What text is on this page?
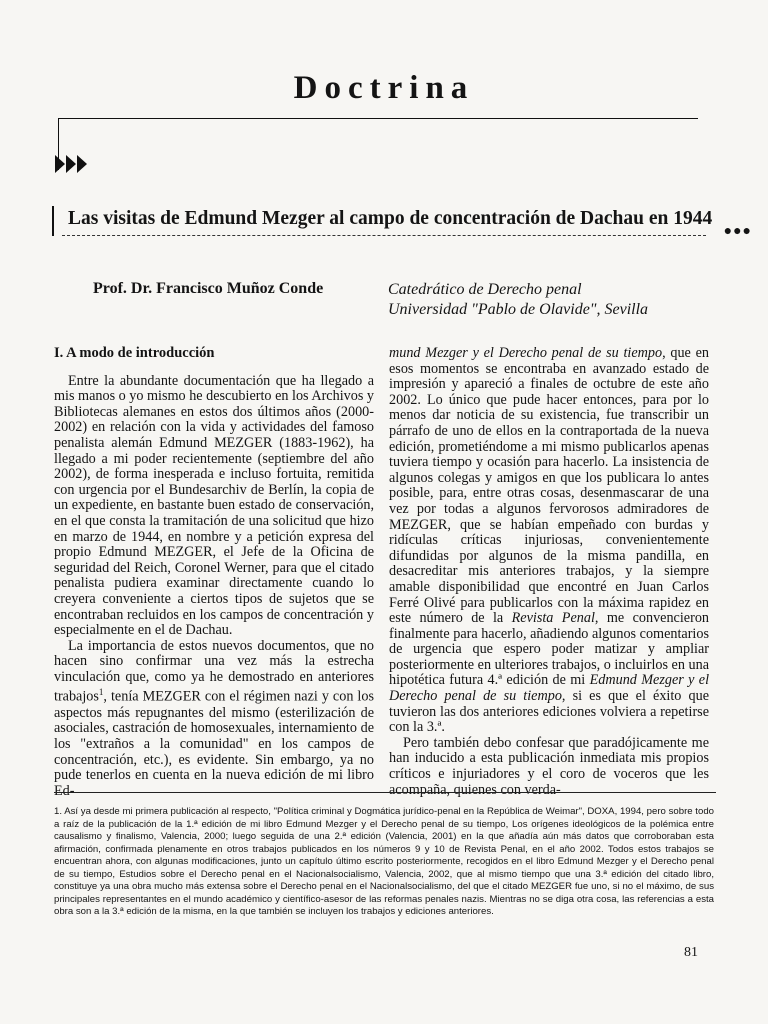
Doctrina
Las visitas de Edmund Mezger al campo de concentración de Dachau en 1944
●●●
Prof. Dr. Francisco Muñoz Conde	Catedrático de Derecho penal
Universidad "Pablo de Olavide", Sevilla
I. A modo de introducción

Entre la abundante documentación que ha llegado a mis manos o yo mismo he descubierto en los Archivos y Bibliotecas alemanes en estos dos últimos años (2000-2002) en relación con la vida y actividades del famoso penalista alemán Edmund MEZGER (1883-1962), ha llegado a mi poder recientemente (septiembre del año 2002), de forma inesperada e incluso fortuita, remitida con urgencia por el Bundesarchiv de Berlín, la copia de un expediente, en bastante buen estado de conservación, en el que consta la tramitación de una solicitud que hizo en marzo de 1944, en nombre y a petición expresa del propio Edmund MEZGER, el Jefe de la Oficina de seguridad del Reich, Coronel Werner, para que el citado penalista pudiera examinar directamente cuando lo creyera conveniente a ciertos tipos de sujetos que se encontraban recluidos en los campos de concentración y especialmente en el de Dachau.

La importancia de estos nuevos documentos, que no hacen sino confirmar una vez más la estrecha vinculación que, como ya he demostrado en anteriores trabajos$^1$, tenía MEZGER con el régimen nazi y con los aspectos más repugnantes del mismo (esterilización de asociales, castración de homosexuales, internamiento de los "extraños a la comunidad" en los campos de concentración, etc.), es evidente. Sin embargo, ya no pude tenerlos en cuenta en la nueva edición de mi libro Ed-

mund Mezger y el Derecho penal de su tiempo, que en esos momentos se encontraba en avanzado estado de impresión y apareció a finales de octubre de este año 2002. Lo único que pude hacer entonces, para por lo menos dar noticia de su existencia, fue transcribir un párrafo de uno de ellos en la contraportada de la nueva edición, prometiéndome a mi mismo publicarlos apenas tuviera tiempo y ocasión para hacerlo. La insistencia de algunos colegas y amigos en que los publicara lo antes posible, para, entre otras cosas, desenmascarar de una vez por todas a algunos fervorosos admiradores de MEZGER, que se habían empeñado con burdas y ridículas críticas injuriosas, convenientemente difundidas por algunos de la misma pandilla, en desacreditar mis anteriores trabajos, y la siempre amable disponibilidad que encontré en Juan Carlos Ferré Olivé para publicarlos con la máxima rapidez en este número de la Revista Penal, me convencieron finalmente para hacerlo, añadiendo algunos comentarios de urgencia que espero poder matizar y ampliar posteriormente en ulteriores trabajos, o incluirlos en una hipotética futura 4.ª edición de mi Edmund Mezger y el Derecho penal de su tiempo, si es que el éxito que tuvieron las dos anteriores ediciones volviera a repetirse con la 3.ª.

Pero también debo confesar que paradójicamente me han inducido a esta publicación inmediata mis propios críticos e injuriadores y el coro de voceros que les acompaña, quienes con verda-

1. Así ya desde mi primera publicación al respecto, "Política criminal y Dogmática jurídico-penal en la República de Weimar", DOXA, 1994, pero sobre todo a raíz de la publicación de la 1.ª edición de mi libro Edmund Mezger y el Derecho penal de su tiempo, Los orígenes ideológicos de la polémica entre causalismo y finalismo, Valencia, 2000; luego seguida de una 2.ª edición (Valencia, 2001) en la que añadía aún más datos que corroboraban esta afirmación, confirmada plenamente en otros trabajos publicados en los números 9 y 10 de Revista Penal, en el año 2002. Todos estos trabajos se encuentran ahora, con algunas modificaciones, junto un capítulo último escrito posteriormente, recogidos en el libro Edmund Mezger y el Derecho penal de su tiempo, Estudios sobre el Derecho penal en el Nacionalsocialismo, Valencia, 2002, que al mismo tiempo que una 3.ª edición del citado libro, constituye ya una obra mucho más extensa sobre el Derecho penal en el Nacionalsocialismo, del que el citado MEZGER fue uno, si no el máximo, de sus principales representantes en el mundo académico y científico-asesor de las reformas penales nazis. Mientras no se diga otra cosa, las referencias a esta obra son a la 3.ª edición de la misma, en la que también se incluyen los trabajos y ediciones anteriores.
81
